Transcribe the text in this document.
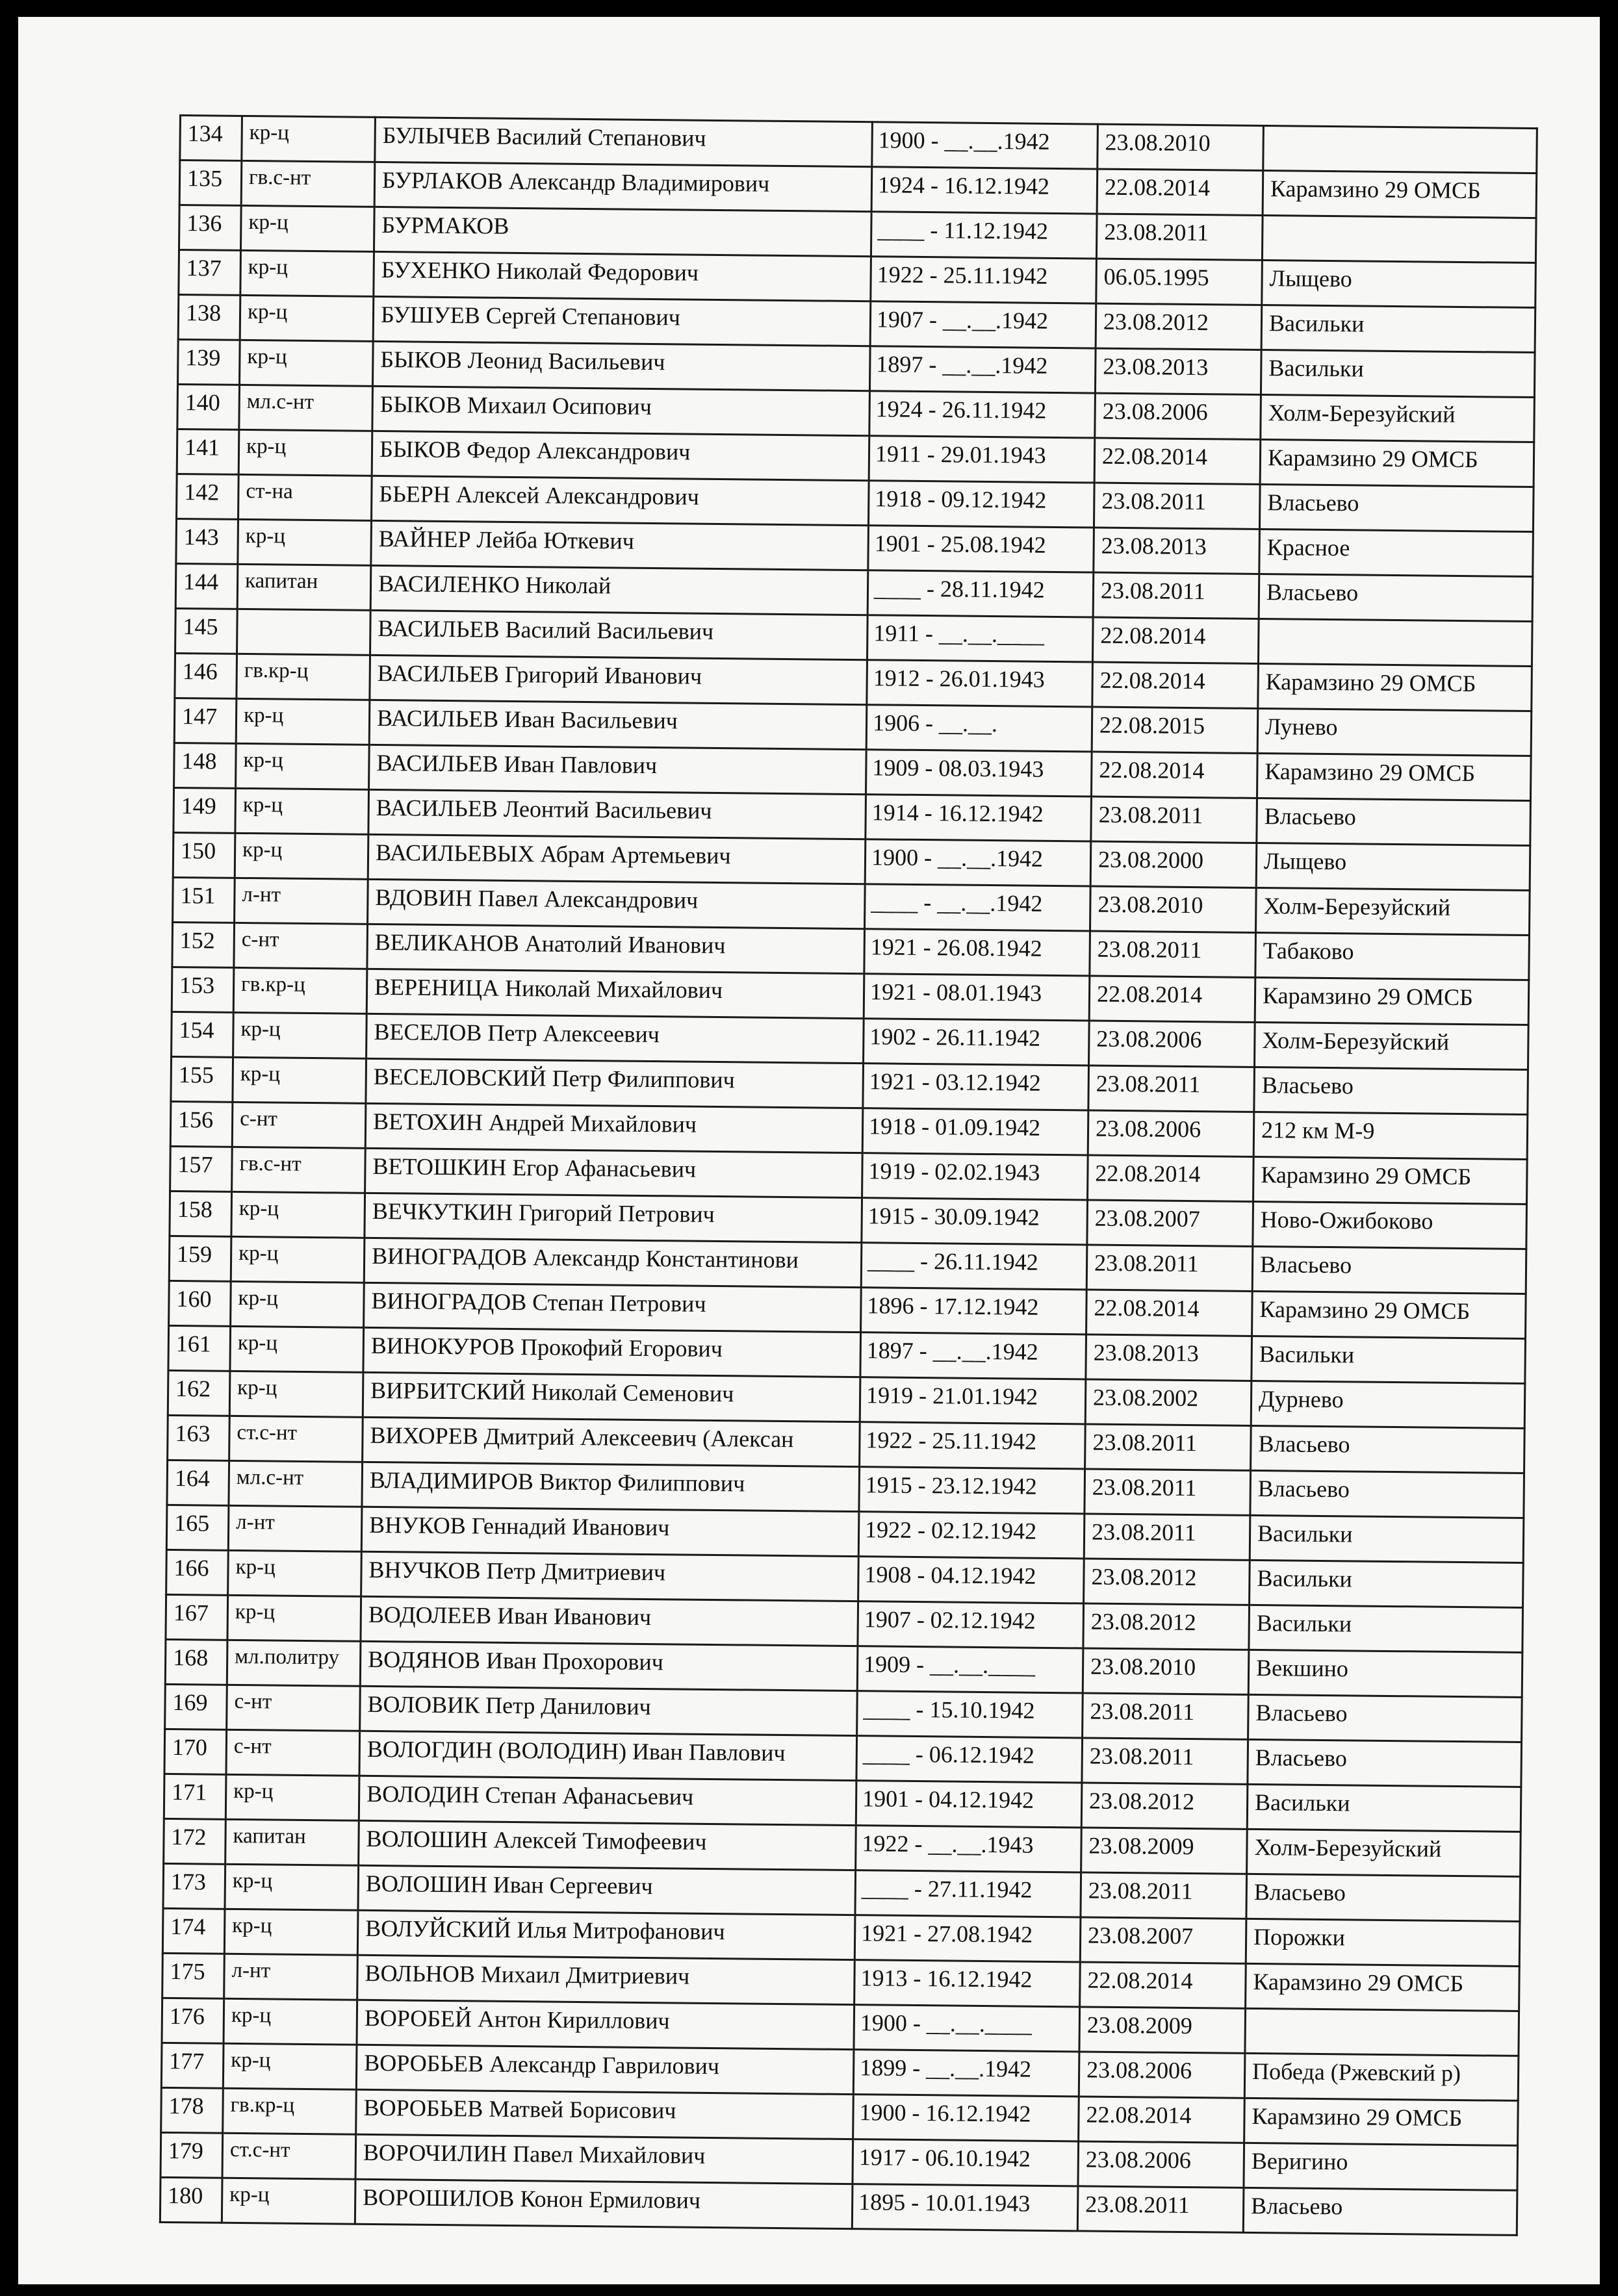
134	кр-ц	БУЛЫЧЕВ Василий Степанович	1900 - __.__.1942	23.08.2010	
135	гв.с-нт	БУРЛАКОВ Александр Владимирович	1924 - 16.12.1942	22.08.2014	Карамзино 29 ОМСБ
136	кр-ц	БУРМАКОВ	____ - 11.12.1942	23.08.2011	
137	кр-ц	БУХЕНКО Николай Федорович	1922 - 25.11.1942	06.05.1995	Лыщево
138	кр-ц	БУШУЕВ Сергей Степанович	1907 - __.__.1942	23.08.2012	Васильки
139	кр-ц	БЫКОВ Леонид Васильевич	1897 - __.__.1942	23.08.2013	Васильки
140	мл.с-нт	БЫКОВ Михаил Осипович	1924 - 26.11.1942	23.08.2006	Холм-Березуйский
141	кр-ц	БЫКОВ Федор Александрович	1911 - 29.01.1943	22.08.2014	Карамзино 29 ОМСБ
142	ст-на	БЬЕРН Алексей Александрович	1918 - 09.12.1942	23.08.2011	Власьево
143	кр-ц	ВАЙНЕР Лейба Юткевич	1901 - 25.08.1942	23.08.2013	Красное
144	капитан	ВАСИЛЕНКО Николай	____ - 28.11.1942	23.08.2011	Власьево
145		ВАСИЛЬЕВ Василий Васильевич	1911 - __.__.____	22.08.2014	
146	гв.кр-ц	ВАСИЛЬЕВ Григорий Иванович	1912 - 26.01.1943	22.08.2014	Карамзино 29 ОМСБ
147	кр-ц	ВАСИЛЬЕВ Иван Васильевич	1906 - __.__.	22.08.2015	Лунево
148	кр-ц	ВАСИЛЬЕВ Иван Павлович	1909 - 08.03.1943	22.08.2014	Карамзино 29 ОМСБ
149	кр-ц	ВАСИЛЬЕВ Леонтий Васильевич	1914 - 16.12.1942	23.08.2011	Власьево
150	кр-ц	ВАСИЛЬЕВЫХ Абрам Артемьевич	1900 - __.__.1942	23.08.2000	Лыщево
151	л-нт	ВДОВИН Павел Александрович	____ - __.__.1942	23.08.2010	Холм-Березуйский
152	с-нт	ВЕЛИКАНОВ Анатолий Иванович	1921 - 26.08.1942	23.08.2011	Табаково
153	гв.кр-ц	ВЕРЕНИЦА Николай Михайлович	1921 - 08.01.1943	22.08.2014	Карамзино 29 ОМСБ
154	кр-ц	ВЕСЕЛОВ Петр Алексеевич	1902 - 26.11.1942	23.08.2006	Холм-Березуйский
155	кр-ц	ВЕСЕЛОВСКИЙ Петр Филиппович	1921 - 03.12.1942	23.08.2011	Власьево
156	с-нт	ВЕТОХИН Андрей Михайлович	1918 - 01.09.1942	23.08.2006	212 км М-9
157	гв.с-нт	ВЕТОШКИН Егор Афанасьевич	1919 - 02.02.1943	22.08.2014	Карамзино 29 ОМСБ
158	кр-ц	ВЕЧКУТКИН Григорий Петрович	1915 - 30.09.1942	23.08.2007	Ново-Ожибоково
159	кр-ц	ВИНОГРАДОВ Александр Константинови	____ - 26.11.1942	23.08.2011	Власьево
160	кр-ц	ВИНОГРАДОВ Степан Петрович	1896 - 17.12.1942	22.08.2014	Карамзино 29 ОМСБ
161	кр-ц	ВИНОКУРОВ Прокофий Егорович	1897 - __.__.1942	23.08.2013	Васильки
162	кр-ц	ВИРБИТСКИЙ Николай Семенович	1919 - 21.01.1942	23.08.2002	Дурнево
163	ст.с-нт	ВИХОРЕВ Дмитрий Алексеевич (Алексан	1922 - 25.11.1942	23.08.2011	Власьево
164	мл.с-нт	ВЛАДИМИРОВ Виктор Филиппович	1915 - 23.12.1942	23.08.2011	Власьево
165	л-нт	ВНУКОВ Геннадий Иванович	1922 - 02.12.1942	23.08.2011	Васильки
166	кр-ц	ВНУЧКОВ Петр Дмитриевич	1908 - 04.12.1942	23.08.2012	Васильки
167	кр-ц	ВОДОЛЕЕВ Иван Иванович	1907 - 02.12.1942	23.08.2012	Васильки
168	мл.политру	ВОДЯНОВ Иван Прохорович	1909 - __.__.____	23.08.2010	Векшино
169	с-нт	ВОЛОВИК Петр Данилович	____ - 15.10.1942	23.08.2011	Власьево
170	с-нт	ВОЛОГДИН (ВОЛОДИН) Иван Павлович	____ - 06.12.1942	23.08.2011	Власьево
171	кр-ц	ВОЛОДИН Степан Афанасьевич	1901 - 04.12.1942	23.08.2012	Васильки
172	капитан	ВОЛОШИН Алексей Тимофеевич	1922 - __.__.1943	23.08.2009	Холм-Березуйский
173	кр-ц	ВОЛОШИН Иван Сергеевич	____ - 27.11.1942	23.08.2011	Власьево
174	кр-ц	ВОЛУЙСКИЙ Илья Митрофанович	1921 - 27.08.1942	23.08.2007	Порожки
175	л-нт	ВОЛЬНОВ Михаил Дмитриевич	1913 - 16.12.1942	22.08.2014	Карамзино 29 ОМСБ
176	кр-ц	ВОРОБЕЙ Антон Кириллович	1900 - __.__.____	23.08.2009	
177	кр-ц	ВОРОБЬЕВ Александр Гаврилович	1899 - __.__.1942	23.08.2006	Победа (Ржевский р)
178	гв.кр-ц	ВОРОБЬЕВ Матвей Борисович	1900 - 16.12.1942	22.08.2014	Карамзино 29 ОМСБ
179	ст.с-нт	ВОРОЧИЛИН Павел Михайлович	1917 - 06.10.1942	23.08.2006	Веригино
180	кр-ц	ВОРОШИЛОВ Конон Ермилович	1895 - 10.01.1943	23.08.2011	Власьево
